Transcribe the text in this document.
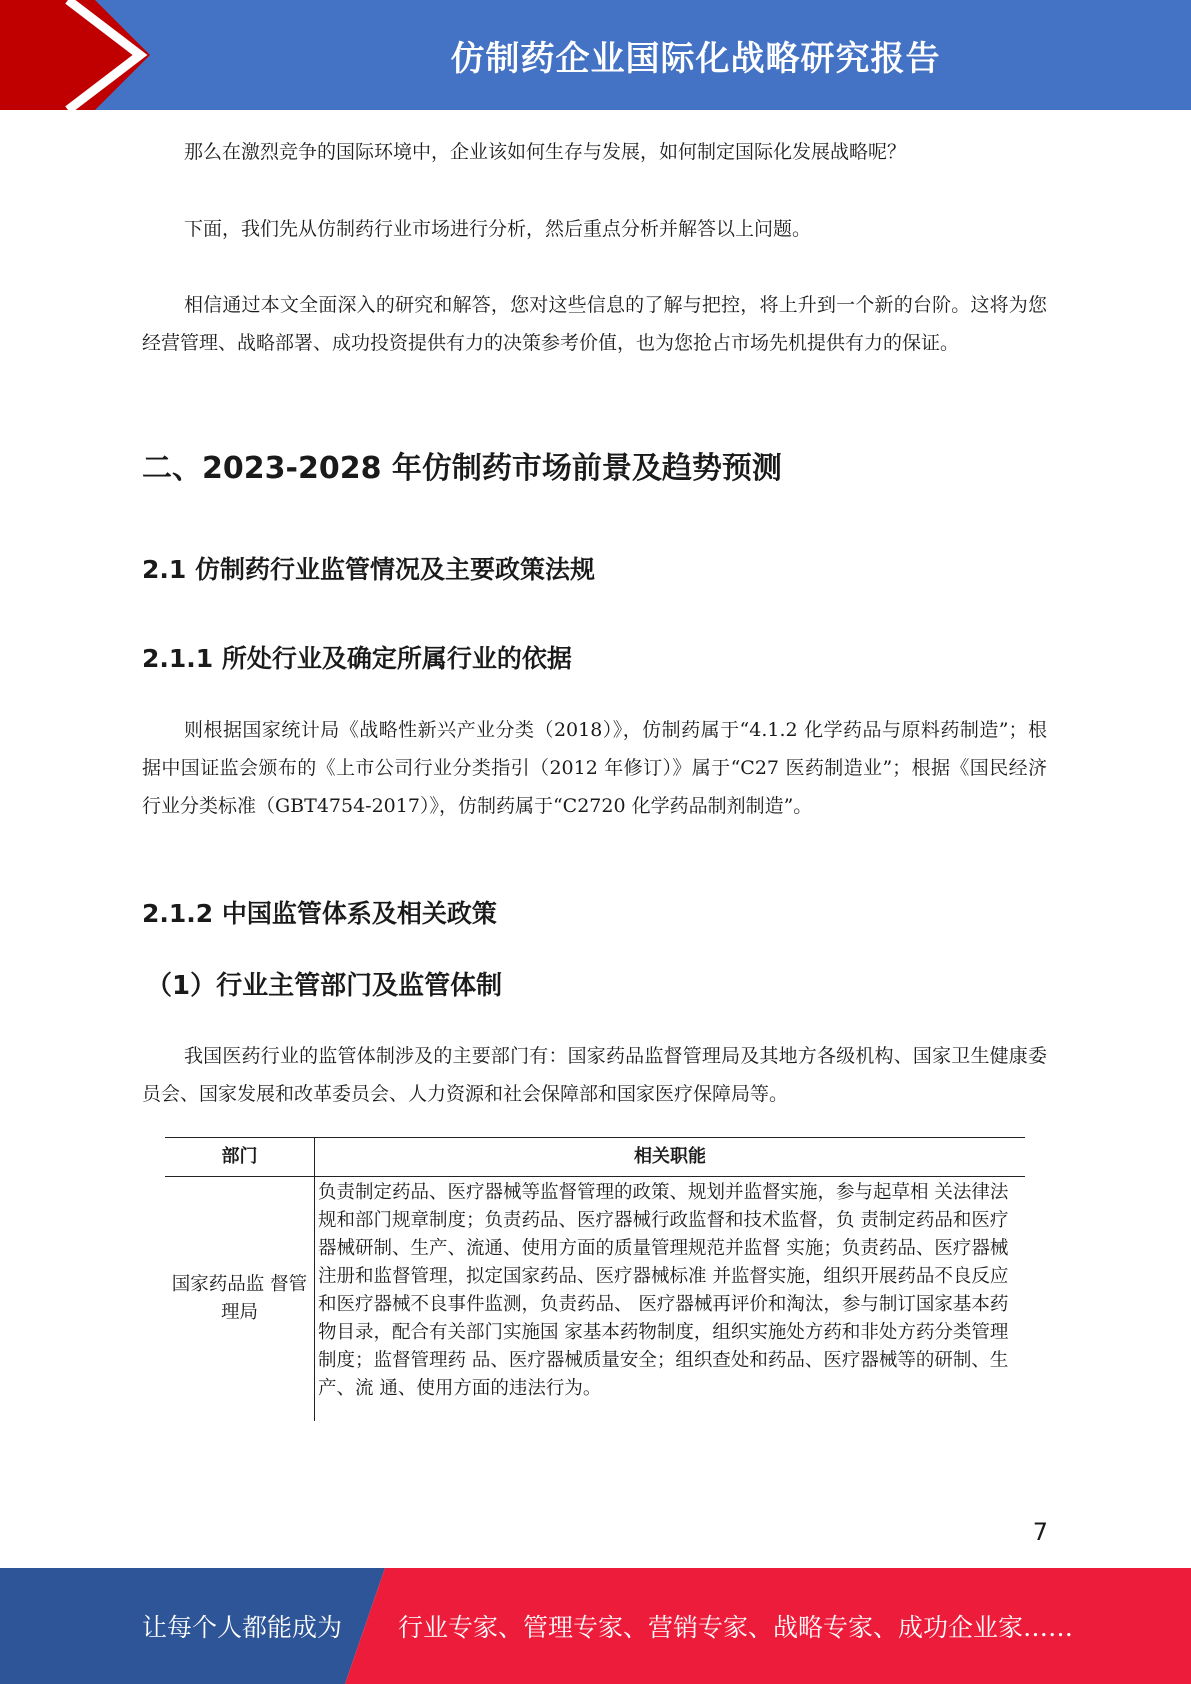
仿制药企业国际化战略研究报告

那么在激烈竞争的国际环境中，企业该如何生存与发展，如何制定国际化发展战略呢？

下面，我们先从仿制药行业市场进行分析，然后重点分析并解答以上问题。

相信通过本文全面深入的研究和解答，您对这些信息的了解与把控，将上升到一个新的台阶。这将为您经营管理、战略部署、成功投资提供有力的决策参考价值，也为您抢占市场先机提供有力的保证。

二、2023-2028 年仿制药市场前景及趋势预测
2.1 仿制药行业监管情况及主要政策法规
2.1.1 所处行业及确定所属行业的依据

则根据国家统计局《战略性新兴产业分类（2018）》，仿制药属于“4.1.2 化学药品与原料药制造”；根据中国证监会颁布的《上市公司行业分类指引（2012 年修订）》属于“C27 医药制造业”；根据《国民经济行业分类标准（GBT4754-2017）》，仿制药属于“C2720 化学药品制剂制造”。

2.1.2 中国监管体系及相关政策
（1）行业主管部门及监管体制

我国医药行业的监管体制涉及的主要部门有：国家药品监督管理局及其地方各级机构、国家卫生健康委员会、国家发展和改革委员会、人力资源和社会保障部和国家医疗保障局等。

部门	相关职能
国家药品监 督管理局	负责制定药品、医疗器械等监督管理的政策、规划并监督实施，参与起草相 关法律法规和部门规章制度；负责药品、医疗器械行政监督和技术监督，负 责制定药品和医疗器械研制、生产、流通、使用方面的质量管理规范并监督 实施；负责药品、医疗器械注册和监督管理，拟定国家药品、医疗器械标准 并监督实施，组织开展药品不良反应和医疗器械不良事件监测，负责药品、 医疗器械再评价和淘汰，参与制订国家基本药物目录，配合有关部门实施国 家基本药物制度，组织实施处方药和非处方药分类管理制度；监督管理药 品、医疗器械质量安全；组织查处和药品、医疗器械等的研制、生产、流 通、使用方面的违法行为。
7
让每个人都能成为 行业专家、管理专家、营销专家、战略专家、成功企业家……
